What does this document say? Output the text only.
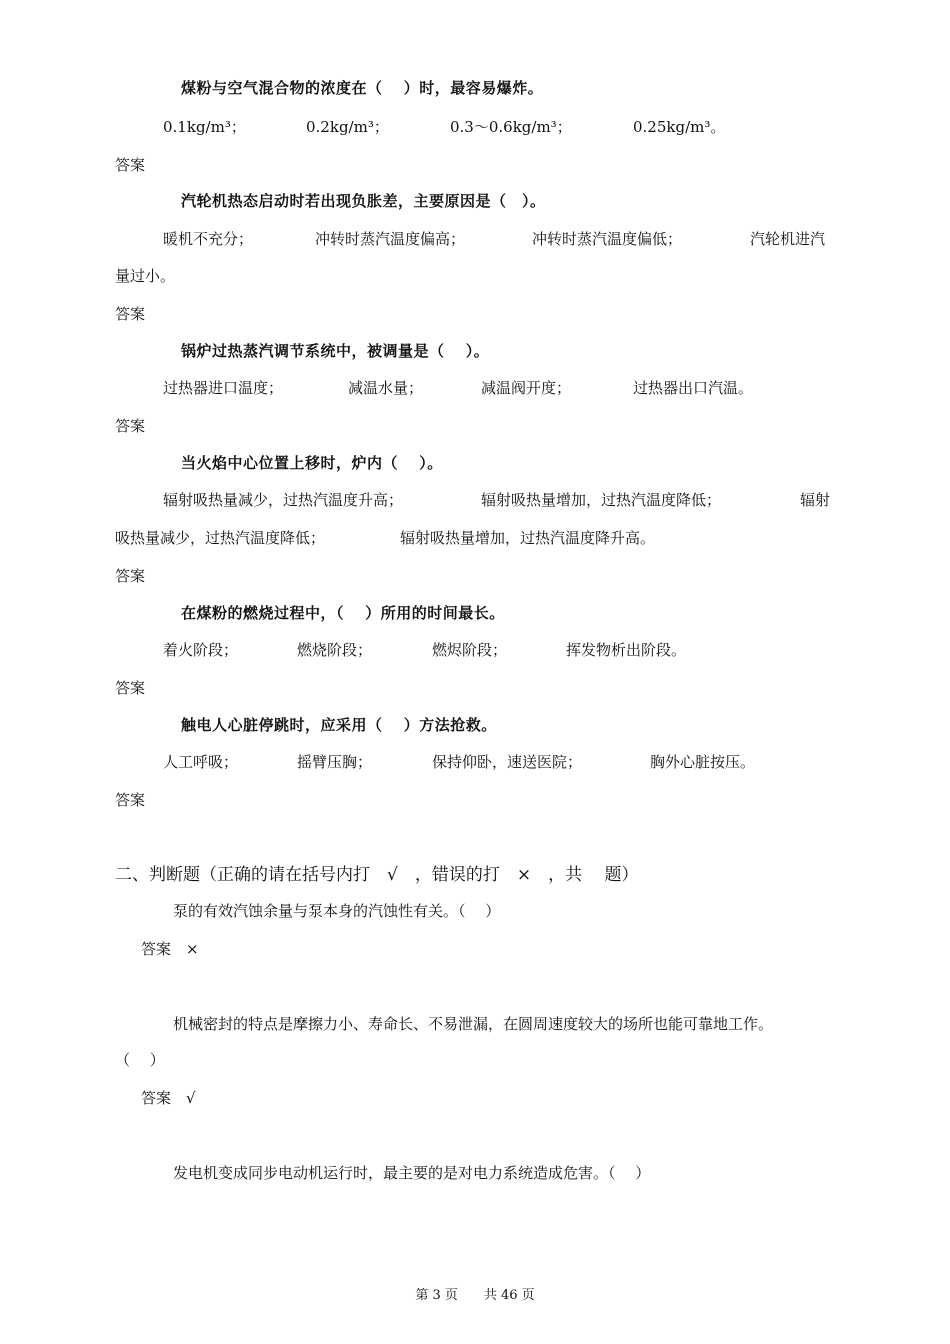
煤粉与空气混合物的浓度在（　 ）时，最容易爆炸。
0.1kg/m³；	0.2kg/m³；	0.3～0.6kg/m³；	0.25kg/m³。
答案
汽轮机热态启动时若出现负胀差，主要原因是（　）。
暖机不充分；	冲转时蒸汽温度偏高；	冲转时蒸汽温度偏低；	汽轮机进汽
量过小。
答案
锅炉过热蒸汽调节系统中，被调量是（　 ）。
过热器进口温度；	减温水量；	减温阀开度；	过热器出口汽温。
答案
当火焰中心位置上移时，炉内（　 ）。
辐射吸热量减少，过热汽温度升高；	辐射吸热量增加，过热汽温度降低；	辐射
吸热量减少，过热汽温度降低；	辐射吸热量增加，过热汽温度降升高。
答案
在煤粉的燃烧过程中，（　 ）所用的时间最长。
着火阶段；	燃烧阶段；	燃烬阶段；	挥发物析出阶段。
答案
触电人心脏停跳时，应采用（　 ）方法抢救。
人工呼吸；	摇臂压胸；	保持仰卧，速送医院；	胸外心脏按压。
答案
二、判断题（正确的请在括号内打　√　，错误的打　×　，共　 题）
泵的有效汽蚀余量与泵本身的汽蚀性有关。（　 ）
答案　×
机械密封的特点是摩擦力小、寿命长、不易泄漏，在圆周速度较大的场所也能可靠地工作。
（　 ）
答案　√
发电机变成同步电动机运行时，最主要的是对电力系统造成危害。（　 ）
第 3 页　　共 46 页
